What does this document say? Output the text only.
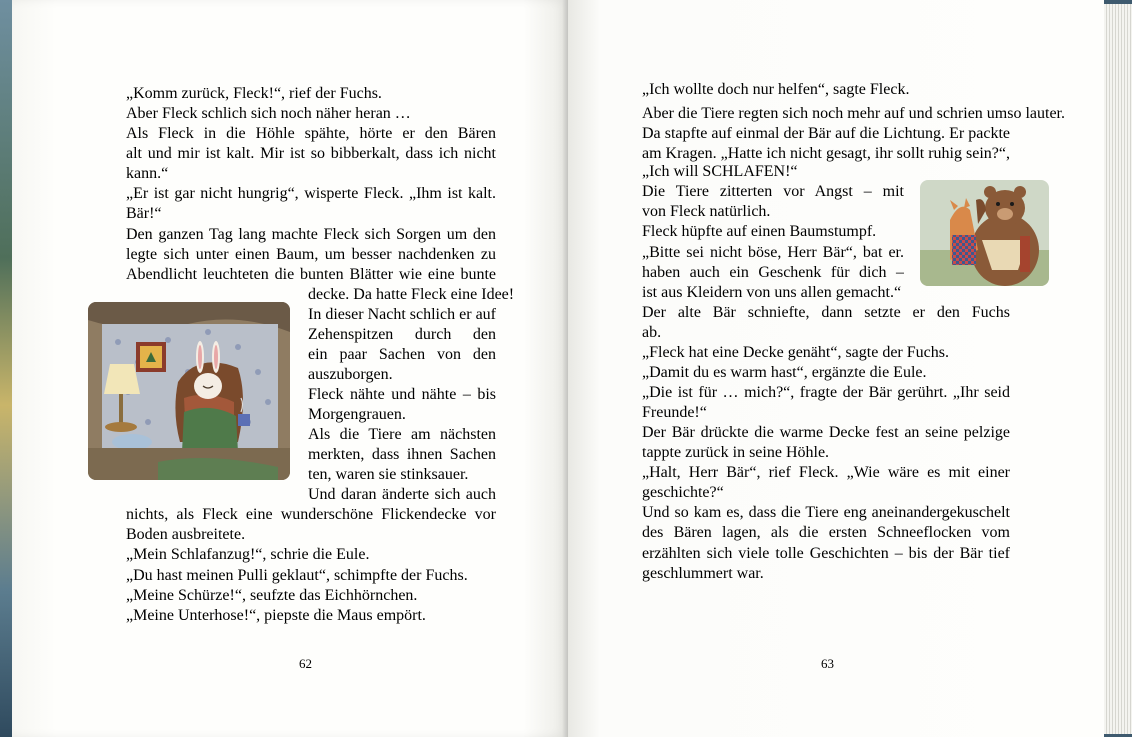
„Komm zurück, Fleck!“, rief der Fuchs.
Aber Fleck schlich sich noch näher heran …
Als Fleck in die Höhle spähte, hörte er den Bären
alt und mir ist kalt. Mir ist so bibberkalt, dass ich nicht
kann.“
„Er ist gar nicht hungrig“, wisperte Fleck. „Ihm ist kalt.
Bär!“
Den ganzen Tag lang machte Fleck sich Sorgen um den
legte sich unter einen Baum, um besser nachdenken zu
Abendlicht leuchteten die bunten Blätter wie eine bunte
decke. Da hatte Fleck eine Idee!
In dieser Nacht schlich er auf
Zehenspitzen durch den
ein paar Sachen von den
auszuborgen.
Fleck nähte und nähte – bis
Morgengrauen.
Als die Tiere am nächsten
merkten, dass ihnen Sachen
ten, waren sie stinksauer.
Und daran änderte sich auch
nichts, als Fleck eine wunderschöne Flickendecke vor
Boden ausbreitete.
„Mein Schlafanzug!“, schrie die Eule.
„Du hast meinen Pulli geklaut“, schimpfte der Fuchs.
„Meine Schürze!“, seufzte das Eichhörnchen.
„Meine Unterhose!“, piepste die Maus empört.
62
„Ich wollte doch nur helfen“, sagte Fleck.
Aber die Tiere regten sich noch mehr auf und schrien umso lauter.
Da stapfte auf einmal der Bär auf die Lichtung. Er packte
am Kragen. „Hatte ich nicht gesagt, ihr sollt ruhig sein?“,
„Ich will SCHLAFEN!“
Die Tiere zitterten vor Angst – mit
von Fleck natürlich.
Fleck hüpfte auf einen Baumstumpf.
„Bitte sei nicht böse, Herr Bär“, bat er.
haben auch ein Geschenk für dich –
ist aus Kleidern von uns allen gemacht.“
Der alte Bär schniefte, dann setzte er den Fuchs
ab.
„Fleck hat eine Decke genäht“, sagte der Fuchs.
„Damit du es warm hast“, ergänzte die Eule.
„Die ist für … mich?“, fragte der Bär gerührt. „Ihr seid
Freunde!“
Der Bär drückte die warme Decke fest an seine pelzige
tappte zurück in seine Höhle.
„Halt, Herr Bär“, rief Fleck. „Wie wäre es mit einer
geschichte?“
Und so kam es, dass die Tiere eng aneinandergekuschelt
des Bären lagen, als die ersten Schneeflocken vom
erzählten sich viele tolle Geschichten – bis der Bär tief
geschlummert war.
63
